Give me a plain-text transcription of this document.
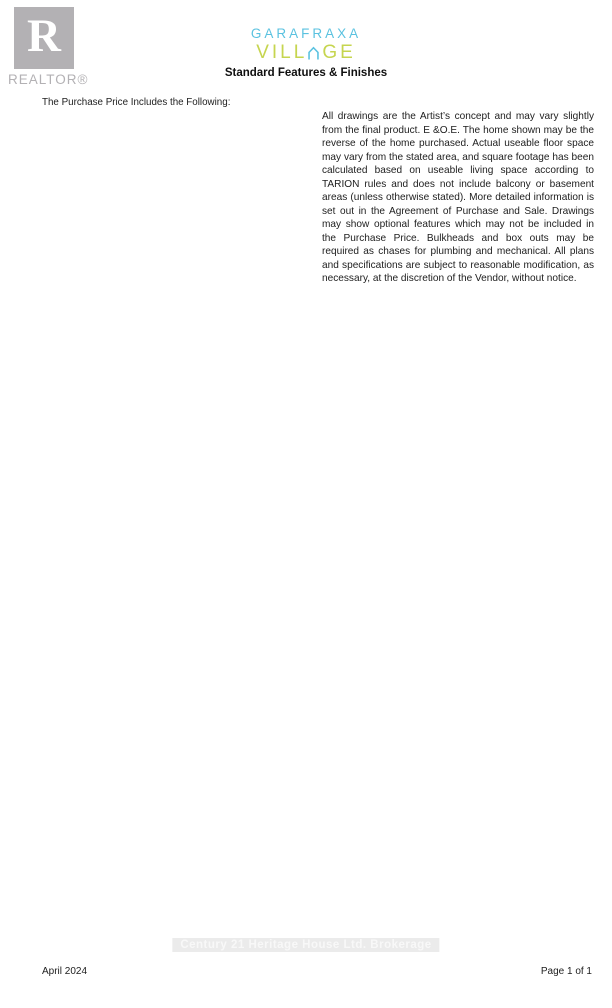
R
REALTOR®
GARAFRAXA
VILL GE
Standard Features & Finishes
The Purchase Price Includes the Following:
All drawings are the Artist’s concept and may vary slightly from the final product. E &O.E. The home shown may be the reverse of the home purchased. Actual useable floor space may vary from the stated area, and square footage has been calculated based on useable living space according to TARION rules and does not include balcony or basement areas (unless otherwise stated). More detailed information is set out in the Agreement of Purchase and Sale. Drawings may show optional features which may not be included in the Purchase Price. Bulkheads and box outs may be required as chases for plumbing and mechanical. All plans and specifications are subject to reasonable modification, as necessary, at the discretion of the Vendor, without notice.
Century 21 Heritage House Ltd. Brokerage
April 2024	Page 1 of 1
